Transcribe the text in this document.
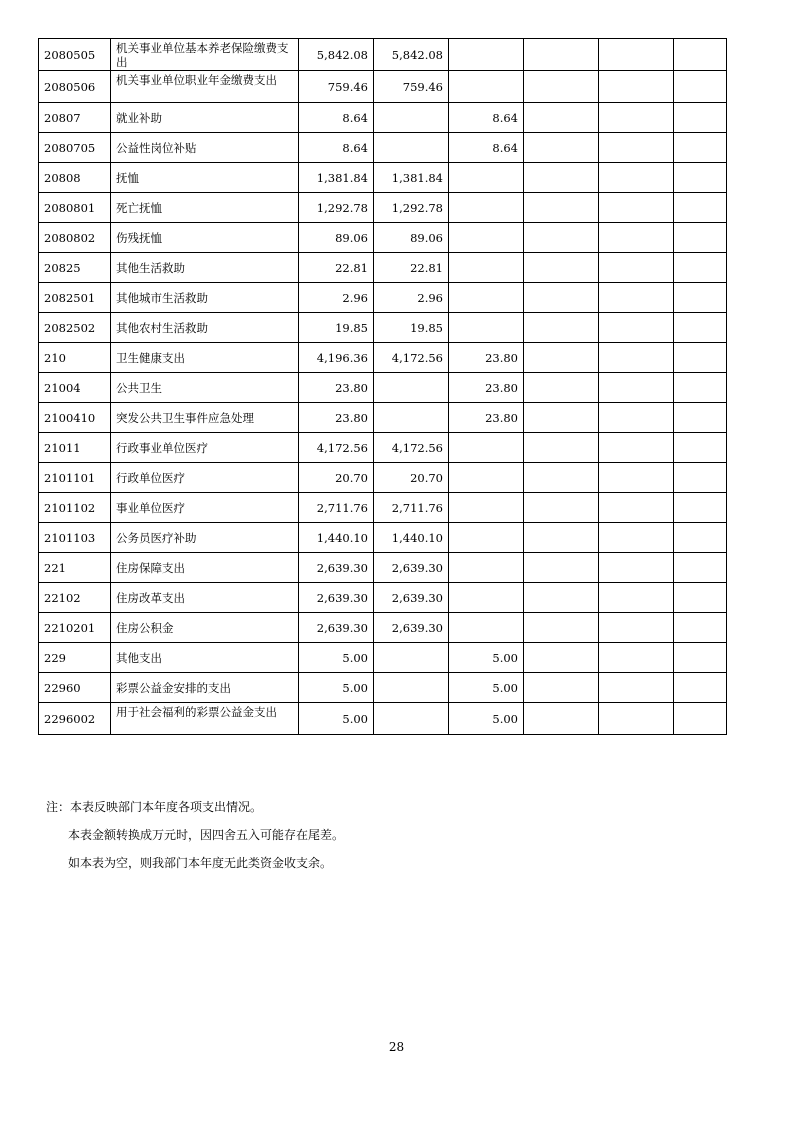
2080505	机关事业单位基本养老保险缴费支出	5,842.08	5,842.08				
2080506	机关事业单位职业年金缴费支出	759.46	759.46				
20807	就业补助	8.64		8.64			
2080705	公益性岗位补贴	8.64		8.64			
20808	抚恤	1,381.84	1,381.84				
2080801	死亡抚恤	1,292.78	1,292.78				
2080802	伤残抚恤	89.06	89.06				
20825	其他生活救助	22.81	22.81				
2082501	其他城市生活救助	2.96	2.96				
2082502	其他农村生活救助	19.85	19.85				
210	卫生健康支出	4,196.36	4,172.56	23.80			
21004	公共卫生	23.80		23.80			
2100410	突发公共卫生事件应急处理	23.80		23.80			
21011	行政事业单位医疗	4,172.56	4,172.56				
2101101	行政单位医疗	20.70	20.70				
2101102	事业单位医疗	2,711.76	2,711.76				
2101103	公务员医疗补助	1,440.10	1,440.10				
221	住房保障支出	2,639.30	2,639.30				
22102	住房改革支出	2,639.30	2,639.30				
2210201	住房公积金	2,639.30	2,639.30				
229	其他支出	5.00		5.00			
22960	彩票公益金安排的支出	5.00		5.00			
2296002	用于社会福利的彩票公益金支出	5.00		5.00			
注：本表反映部门本年度各项支出情况。
本表金额转换成万元时，因四舍五入可能存在尾差。
如本表为空，则我部门本年度无此类资金收支余。
28
